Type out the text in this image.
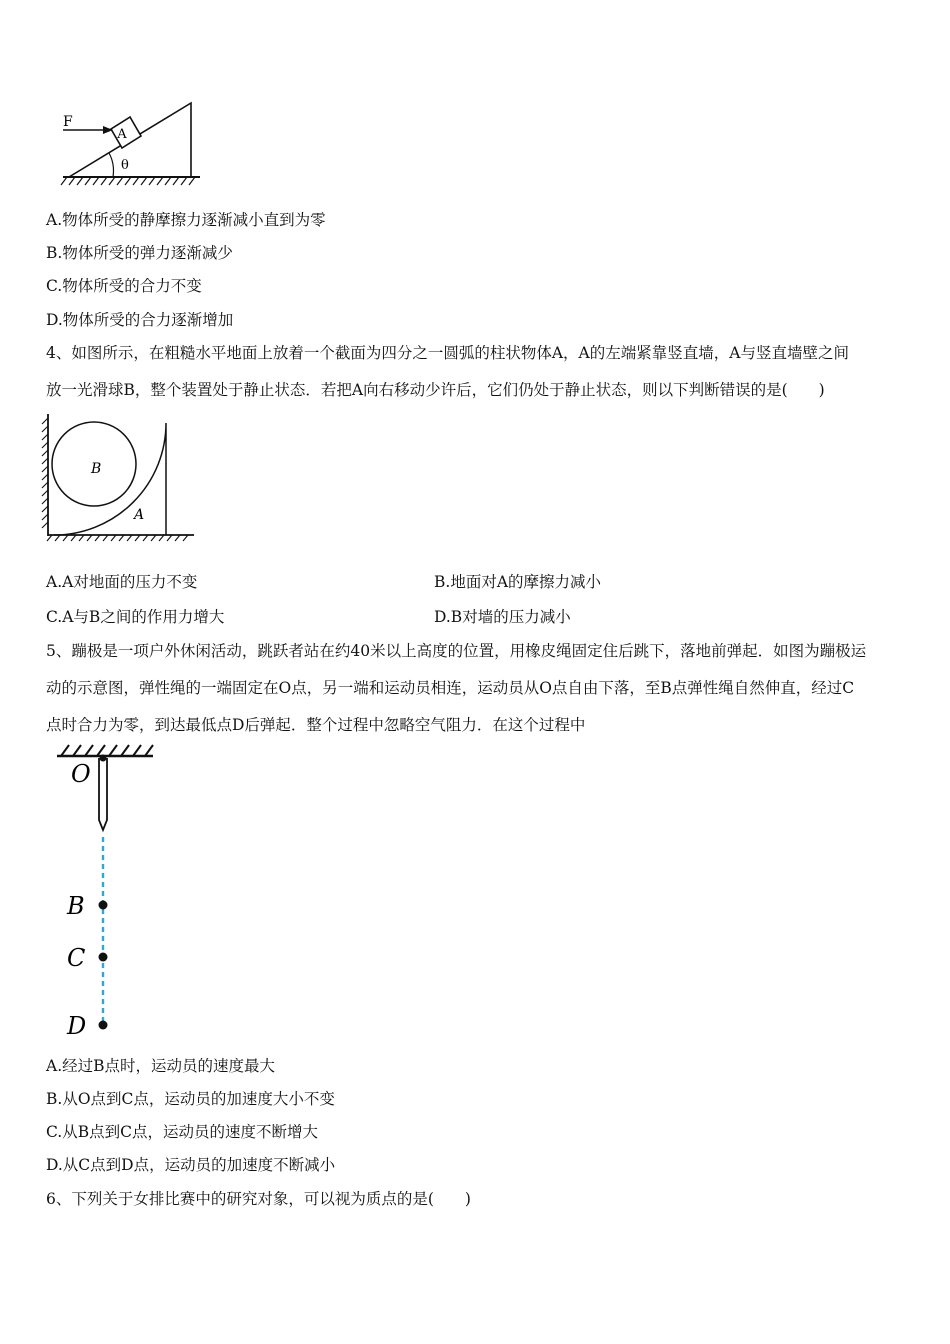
A
F
θ
A.物体所受的静摩擦力逐渐减小直到为零
B.物体所受的弹力逐渐减少
C.物体所受的合力不变
D.物体所受的合力逐渐增加
4、如图所示，在粗糙水平地面上放着一个截面为四分之一圆弧的柱状物体A，A的左端紧靠竖直墙，A与竖直墙壁之间
放一光滑球B，整个装置处于静止状态．若把A向右移动少许后，它们仍处于静止状态，则以下判断错误的是(　　)
B
A
A.A对地面的压力不变	B.地面对A的摩擦力减小
C.A与B之间的作用力增大	D.B对墙的压力减小
5、蹦极是一项户外休闲活动，跳跃者站在约40米以上高度的位置，用橡皮绳固定住后跳下，落地前弹起．如图为蹦极运
动的示意图，弹性绳的一端固定在O点，另一端和运动员相连，运动员从O点自由下落，至B点弹性绳自然伸直，经过C
点时合力为零，到达最低点D后弹起．整个过程中忽略空气阻力．在这个过程中
O
B
C
D
A.经过B点时，运动员的速度最大
B.从O点到C点，运动员的加速度大小不变
C.从B点到C点，运动员的速度不断增大
D.从C点到D点，运动员的加速度不断减小
6、下列关于女排比赛中的研究对象，可以视为质点的是(　　)
